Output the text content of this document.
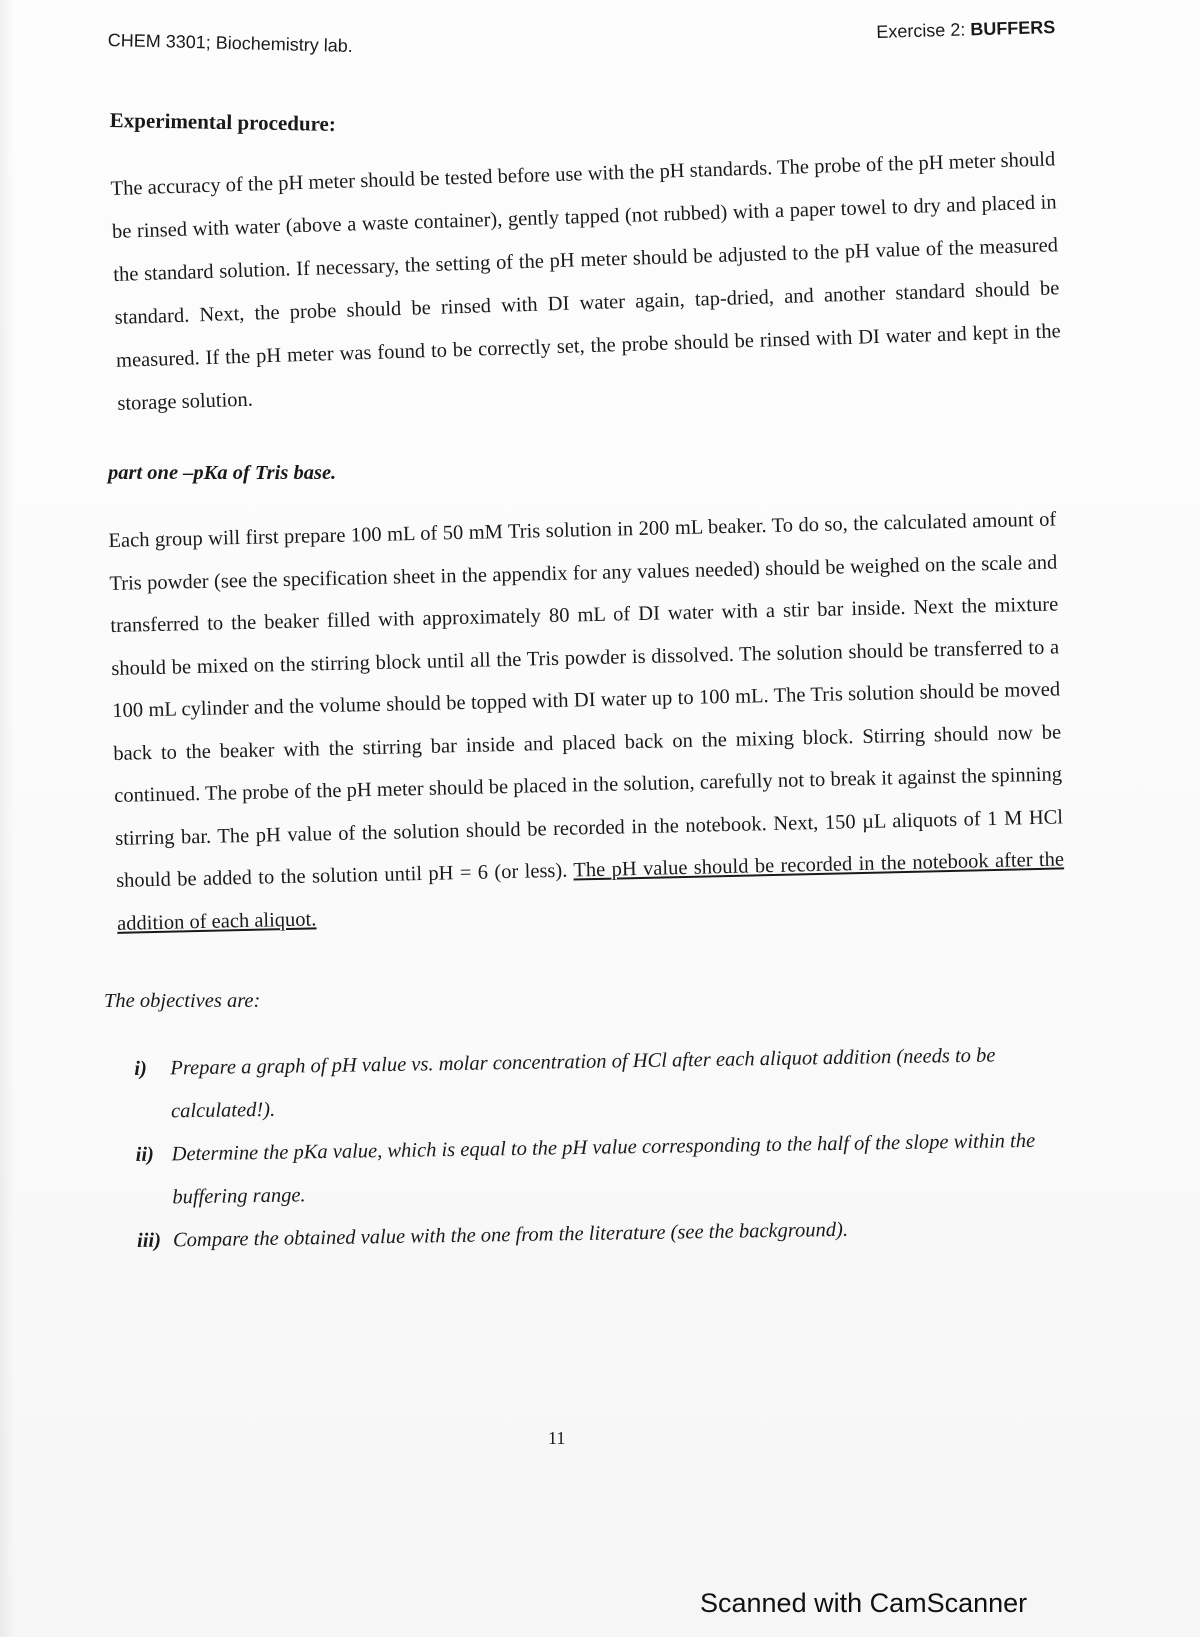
CHEM 3301; Biochemistry lab.	Exercise 2: BUFFERS
Experimental procedure:

The accuracy of the pH meter should be tested before use with the pH standards. The probe of the pH meter should be rinsed with water (above a waste container), gently tapped (not rubbed) with a paper towel to dry and placed in the standard solution. If necessary, the setting of the pH meter should be adjusted to the pH value of the measured standard. Next, the probe should be rinsed with DI water again, tap-dried, and another standard should be measured. If the pH meter was found to be correctly set, the probe should be rinsed with DI water and kept in the storage solution.

part one –pKa of Tris base.

Each group will first prepare 100 mL of 50 mM Tris solution in 200 mL beaker. To do so, the calculated amount of Tris powder (see the specification sheet in the appendix for any values needed) should be weighed on the scale and transferred to the beaker filled with approximately 80 mL of DI water with a stir bar inside. Next the mixture should be mixed on the stirring block until all the Tris powder is dissolved. The solution should be transferred to a 100 mL cylinder and the volume should be topped with DI water up to 100 mL. The Tris solution should be moved back to the beaker with the stirring bar inside and placed back on the mixing block. Stirring should now be continued. The probe of the pH meter should be placed in the solution, carefully not to break it against the spinning stirring bar. The pH value of the solution should be recorded in the notebook. Next, 150 µL aliquots of 1 M HCl should be added to the solution until pH = 6 (or less). The pH value should be recorded in the notebook after the addition of each aliquot.

The objectives are:
i) Prepare a graph of pH value vs. molar concentration of HCl after each aliquot addition (needs to be calculated!).
ii) Determine the pKa value, which is equal to the pH value corresponding to the half of the slope within the buffering range.
iii) Compare the obtained value with the one from the literature (see the background).
11
Scanned with CamScanner
